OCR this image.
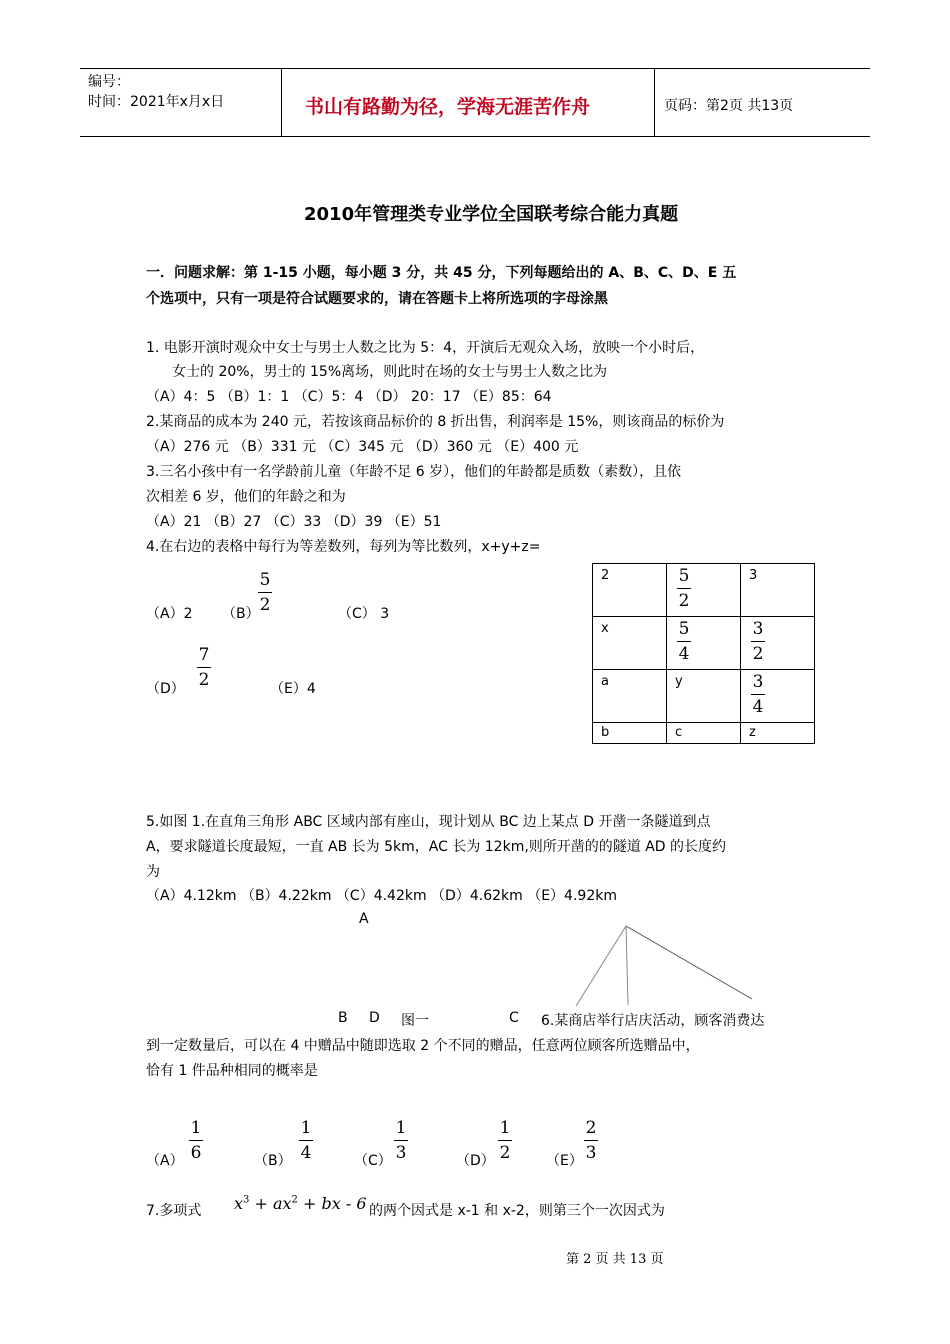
编号：
时间：2021年x月x日	书山有路勤为径，学海无涯苦作舟	页码：第2页 共13页
2010年管理类专业学位全国联考综合能力真题
一．问题求解：第 1-15 小题，每小题 3 分，共 45 分，下列每题给出的 A、B、C、D、E 五
个选项中，只有一项是符合试题要求的，请在答题卡上将所选项的字母涂黑
1. 电影开演时观众中女士与男士人数之比为 5：4，开演后无观众入场，放映一个小时后，
女士的 20%，男士的 15%离场，则此时在场的女士与男士人数之比为
（A）4：5 （B）1：1 （C）5：4 （D） 20：17 （E）85：64
2.某商品的成本为 240 元，若按该商品标价的 8 折出售，利润率是 15%，则该商品的标价为
（A）276 元 （B）331 元 （C）345 元 （D）360 元 （E）400 元
3.三名小孩中有一名学龄前儿童（年龄不足 6 岁），他们的年龄都是质数（素数），且依
次相差 6 岁，他们的年龄之和为
（A）21 （B）27 （C）33 （D）39 （E）51
4.在右边的表格中每行为等差数列，每列为等比数列，x+y+z=
（A）2 （B）
5
2	（C） 3
（D）
7
2	（E）4
2	$\frac{5}{2}$	3
x	$\frac{5}{4}$	$\frac{3}{2}$

a	y	$\frac{3}{4}$

b	c	z
5.如图 1.在直角三角形 ABC 区域内部有座山，现计划从 BC 边上某点 D 开凿一条隧道到点
A，要求隧道长度最短，一直 AB 长为 5km，AC 长为 12km,则所开凿的的隧道 AD 的长度约
为
（A）4.12km （B）4.22km （C）4.42km （D）4.62km （E）4.92km
A
B D 图一	C 6.某商店举行店庆活动，顾客消费达
到一定数量后，可以在 4 中赠品中随即选取 2 个不同的赠品，任意两位顾客所选赠品中，
恰有 1 件品种相同的概率是
（A）
1
6	（B）
1
4	（C）
1
3	（D）
1
2	（E）
2
3
7.多项式 $x^3 + ax^2$ + bx - 6 的两个因式是 x-1 和 x-2，则第三个一次因式为
第 2 页 共 13 页
